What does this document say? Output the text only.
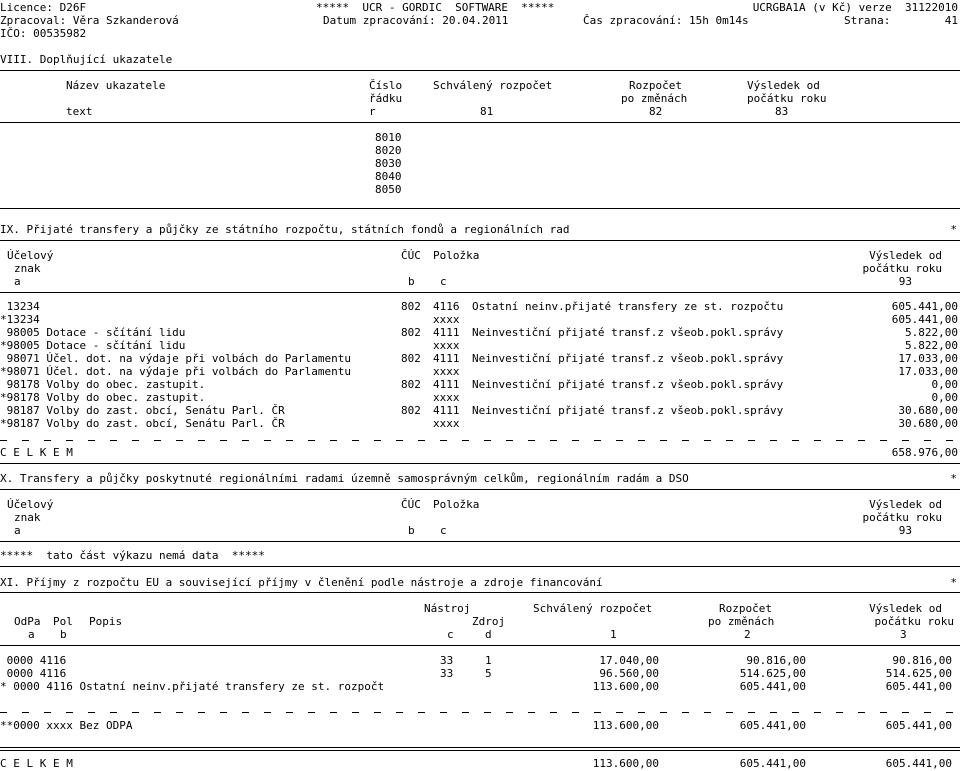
Licence: D26F	*****  UCR - GORDIC  SOFTWARE  *****	UCRGBA1A (v Kč) verze  31122010
Zpracoval: Věra Szkanderová	Datum zpracování: 20.04.2011	Čas zpracování: 15h 0m14s	Strana:	41
IČO: 00535982
VIII. Doplňující ukazatele
Název ukazatele	Číslo
řádku
Schválený rozpočet	Rozpočet
po změnách
Výsledek od
počátku roku
text	r	81	82	83
8010
8020
8030
8040
8050
IX. Přijaté transfery a půjčky ze státního rozpočtu, státních fondů a regionálních rad	*
Účelový
znak
a
ČÚC Položka
b c
Výsledek od
počátku roku
93
13234	802 4116 Ostatní neinv.přijaté transfery ze st. rozpočtu	605.441,00
*13234	xxxx	605.441,00
98005 Dotace - sčítání lidu	802 4111 Neinvestiční přijaté transf.z všeob.pokl.správy	5.822,00
*98005 Dotace - sčítání lidu	xxxx	5.822,00
98071 Účel. dot. na výdaje při volbách do Parlamentu	802 4111 Neinvestiční přijaté transf.z všeob.pokl.správy	17.033,00
*98071 Účel. dot. na výdaje při volbách do Parlamentu	xxxx	17.033,00
98178 Volby do obec. zastupit.	802 4111 Neinvestiční přijaté transf.z všeob.pokl.správy	0,00
*98178 Volby do obec. zastupit.	xxxx	0,00
98187 Volby do zast. obcí, Senátu Parl. ČR	802 4111 Neinvestiční přijaté transf.z všeob.pokl.správy	30.680,00
*98187 Volby do zast. obcí, Senátu Parl. ČR	xxxx	30.680,00
C E L K E M	658.976,00
X. Transfery a půjčky poskytnuté regionálními radami územně samosprávným celkům, regionálním radám a DSO	*
Účelový
znak
a
ČÚC Položka
b c
Výsledek od
počátku roku
93
*****  tato část výkazu nemá data  *****
XI. Příjmy z rozpočtu EU a související příjmy v členění podle nástroje a zdroje financování	*
Nástroj	Schválený rozpočet	Rozpočet	Výsledek od
OdPa Pol Popis	Zdroj	po změnách	počátku roku
a b	c	d	1	2	3
0000 4116	33	1	17.040,00	90.816,00	90.816,00
0000 4116	33	5	96.560,00	514.625,00	514.625,00
* 0000 4116 Ostatní neinv.přijaté transfery ze st. rozpočt	113.600,00	605.441,00	605.441,00
**0000 xxxx Bez ODPA	113.600,00	605.441,00	605.441,00
C E L K E M	113.600,00	605.441,00	605.441,00
